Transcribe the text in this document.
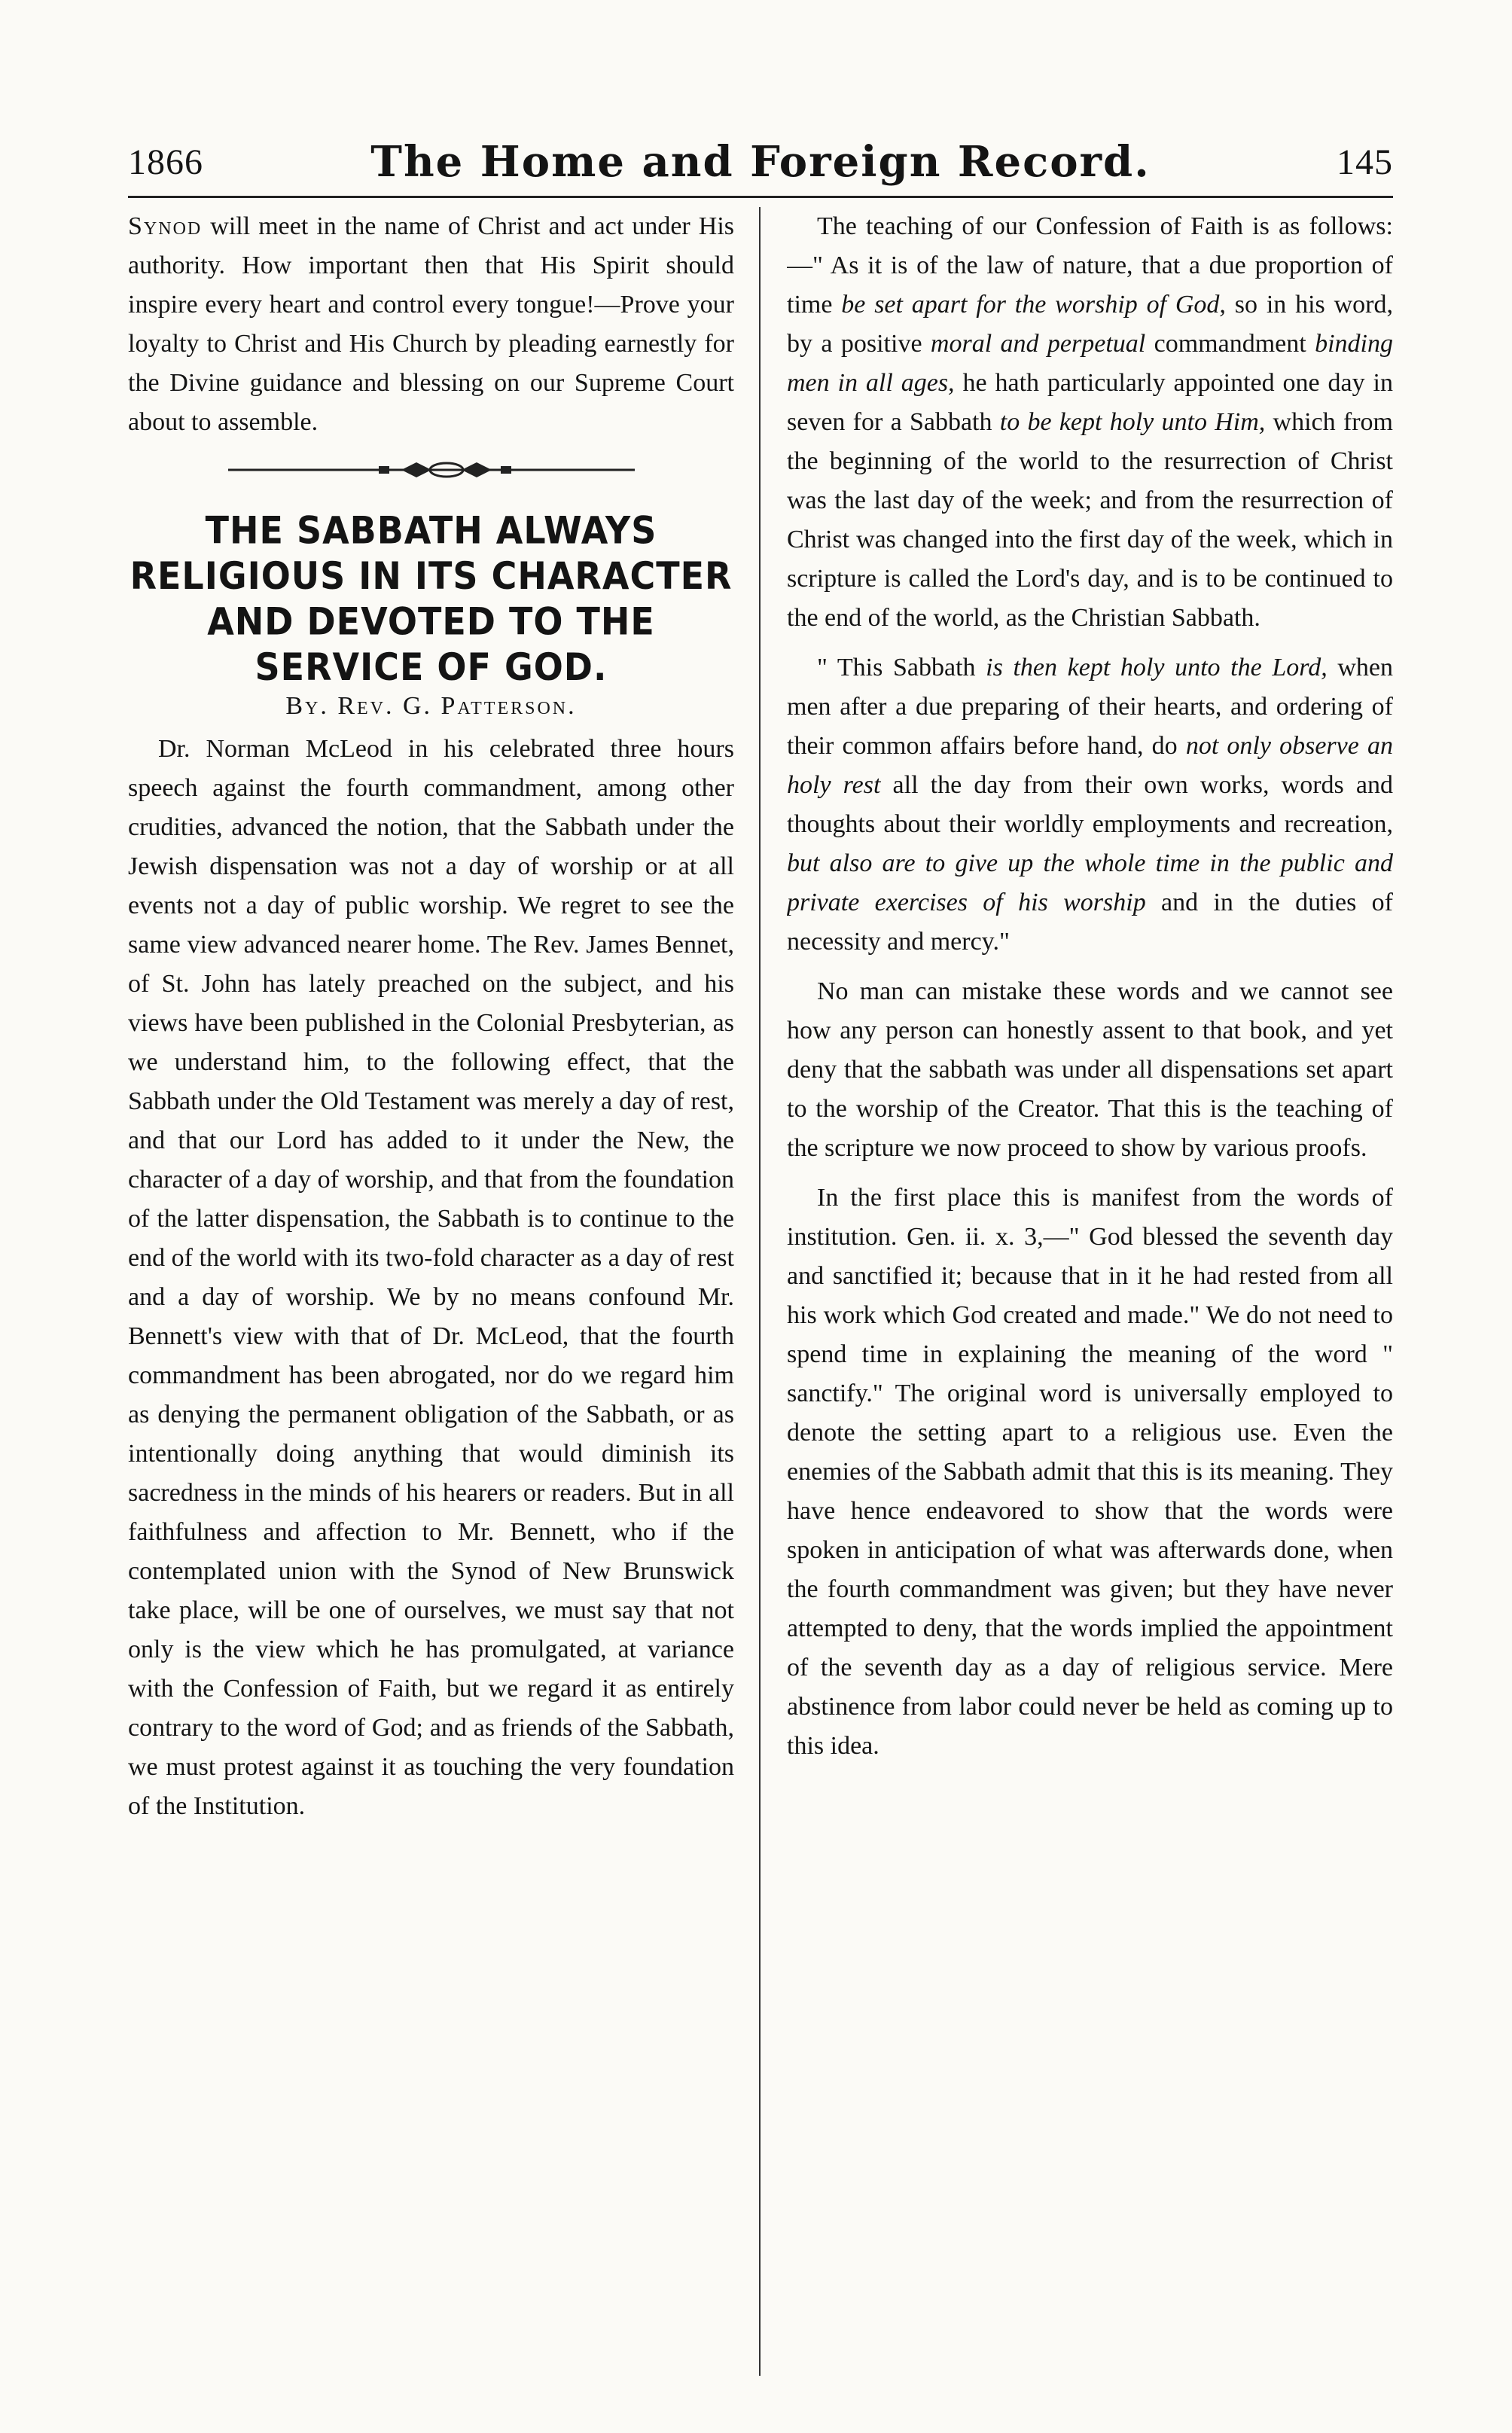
1866	The Home and Foreign Record.	145

Synod will meet in the name of Christ and act under His authority. How important then that His Spirit should inspire every heart and control every tongue!—Prove your loyalty to Christ and His Church by pleading earnestly for the Divine guidance and blessing on our Supreme Court about to assemble.

THE SABBATH ALWAYS RELIGIOUS IN ITS CHARACTER AND DEVOTED TO THE SERVICE OF GOD.
By. Rev. G. Patterson.

Dr. Norman McLeod in his celebrated three hours speech against the fourth commandment, among other crudities, advanced the notion, that the Sabbath under the Jewish dispensation was not a day of worship or at all events not a day of public worship. We regret to see the same view advanced nearer home. The Rev. James Bennet, of St. John has lately preached on the subject, and his views have been published in the Colonial Presbyterian, as we understand him, to the following effect, that the Sabbath under the Old Testament was merely a day of rest, and that our Lord has added to it under the New, the character of a day of worship, and that from the foundation of the latter dispensation, the Sabbath is to continue to the end of the world with its two-fold character as a day of rest and a day of worship. We by no means confound Mr. Bennett's view with that of Dr. McLeod, that the fourth commandment has been abrogated, nor do we regard him as denying the permanent obligation of the Sabbath, or as intentionally doing anything that would diminish its sacredness in the minds of his hearers or readers. But in all faithfulness and affection to Mr. Bennett, who if the contemplated union with the Synod of New Brunswick take place, will be one of ourselves, we must say that not only is the view which he has promulgated, at variance with the Confession of Faith, but we regard it as entirely contrary to the word of God; and as friends of the Sabbath, we must protest against it as touching the very foundation of the Institution.

The teaching of our Confession of Faith is as follows:—" As it is of the law of nature, that a due proportion of time be set apart for the worship of God, so in his word, by a positive moral and perpetual commandment binding men in all ages, he hath particularly appointed one day in seven for a Sabbath to be kept holy unto Him, which from the beginning of the world to the resurrection of Christ was the last day of the week; and from the resurrection of Christ was changed into the first day of the week, which in scripture is called the Lord's day, and is to be continued to the end of the world, as the Christian Sabbath.

" This Sabbath is then kept holy unto the Lord, when men after a due preparing of their hearts, and ordering of their common affairs before hand, do not only observe an holy rest all the day from their own works, words and thoughts about their worldly employments and recreation, but also are to give up the whole time in the public and private exercises of his worship and in the duties of necessity and mercy."

No man can mistake these words and we cannot see how any person can honestly assent to that book, and yet deny that the sabbath was under all dispensations set apart to the worship of the Creator. That this is the teaching of the scripture we now proceed to show by various proofs.

In the first place this is manifest from the words of institution. Gen. ii. x. 3,—" God blessed the seventh day and sanctified it; because that in it he had rested from all his work which God created and made." We do not need to spend time in explaining the meaning of the word " sanctify." The original word is universally employed to denote the setting apart to a religious use. Even the enemies of the Sabbath admit that this is its meaning. They have hence endeavored to show that the words were spoken in anticipation of what was afterwards done, when the fourth commandment was given; but they have never attempted to deny, that the words implied the appointment of the seventh day as a day of religious service. Mere abstinence from labor could never be held as coming up to this idea.
